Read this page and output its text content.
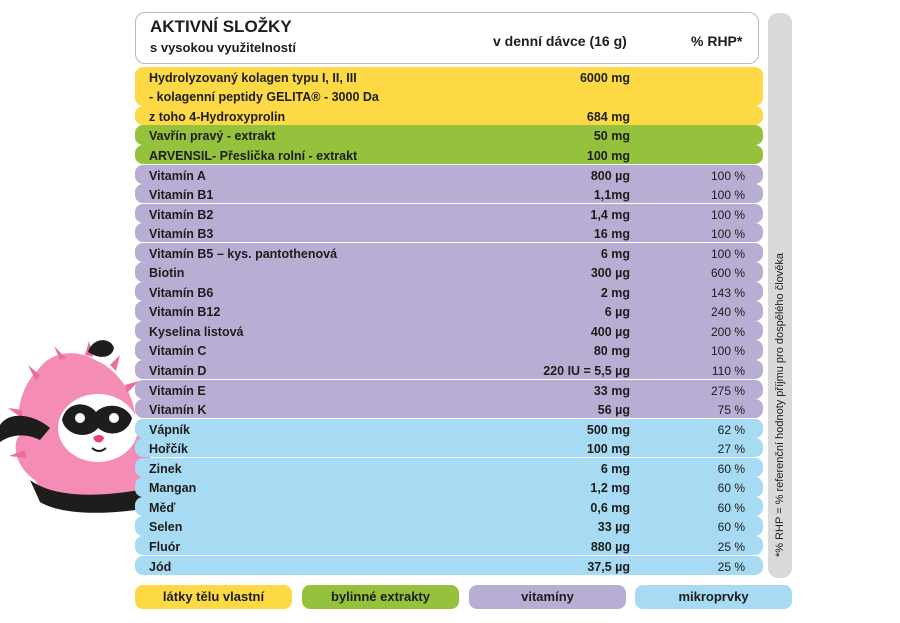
AKTIVNÍ SLOŽKY
s vysokou využitelností	v denní dávce (16 g)	% RHP*
Hydrolyzovaný kolagen typu I, II, III
- kolagenní peptidy GELITA® - 3000 Da
6000 mg
z toho 4-Hydroxyprolin	684 mg
Vavřín pravý - extrakt	50 mg
ARVENSIL- Přeslička rolní - extrakt	100 mg
Vitamín A	800 µg	100 %
Vitamín B1	1,1mg	100 %
Vitamín B2	1,4 mg	100 %
Vitamín B3	16 mg	100 %
Vitamín B5 – kys. pantothenová	6 mg	100 %
Biotin	300 µg	600 %
Vitamín B6	2 mg	143 %
Vitamín B12	6 µg	240 %
Kyselina listová	400 µg	200 %
Vitamín C	80 mg	100 %
Vitamín D	220 IU = 5,5 µg	110 %
Vitamín E	33 mg	275 %
Vitamín K	56 µg	75 %
Vápník	500 mg	62 %
Hořčík	100 mg	27 %
Zinek	6 mg	60 %
Mangan	1,2 mg	60 %
Měď	0,6 mg	60 %
Selen	33 µg	60 %
Fluór	880 µg	25 %
Jód	37,5 µg	25 %
*% RHP = % referenční hodnoty příjmu pro dospělého člověka
látky tělu vlastní	bylinné extrakty	vitamíny	mikroprvky
